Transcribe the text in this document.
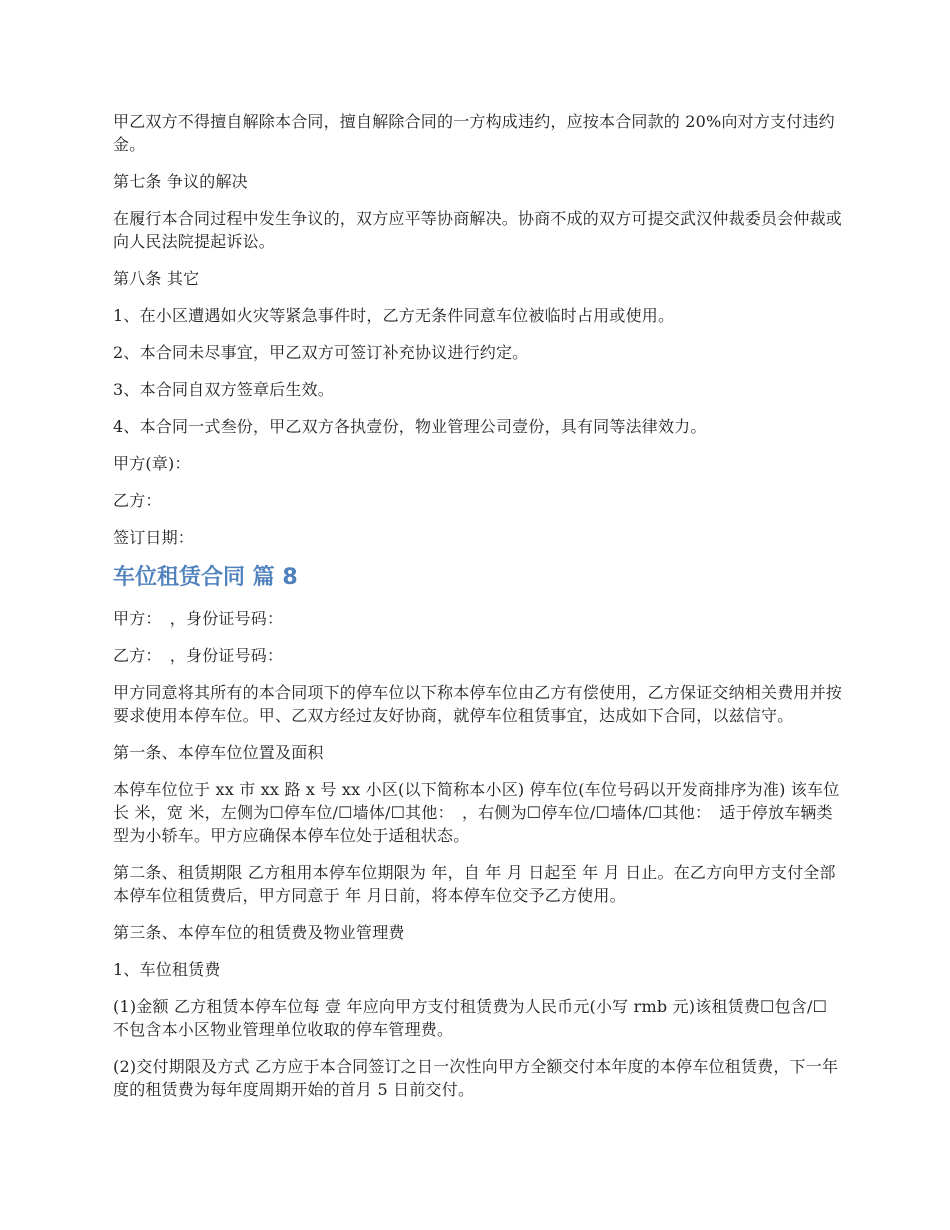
甲乙双方不得擅自解除本合同，擅自解除合同的一方构成违约，应按本合同款的 20%向对方支付违约金。

第七条 争议的解决

在履行本合同过程中发生争议的，双方应平等协商解决。协商不成的双方可提交武汉仲裁委员会仲裁或向人民法院提起诉讼。

第八条 其它

1、在小区遭遇如火灾等紧急事件时，乙方无条件同意车位被临时占用或使用。

2、本合同未尽事宜，甲乙双方可签订补充协议进行约定。

3、本合同自双方签章后生效。

4、本合同一式叁份，甲乙双方各执壹份，物业管理公司壹份，具有同等法律效力。

甲方(章)：

乙方：

签订日期：

车位租赁合同 篇 8

甲方：　，身份证号码：

乙方：　，身份证号码：

甲方同意将其所有的本合同项下的停车位以下称本停车位由乙方有偿使用，乙方保证交纳相关费用并按要求使用本停车位。甲、乙双方经过友好协商，就停车位租赁事宜，达成如下合同，以兹信守。

第一条、本停车位位置及面积

本停车位位于 xx 市 xx 路 x 号 xx 小区(以下简称本小区) 停车位(车位号码以开发商排序为准) 该车位长 米，宽 米，左侧为☐停车位/☐墙体/☐其他：　，右侧为☐停车位/☐墙体/☐其他：　适于停放车辆类型为小轿车。甲方应确保本停车位处于适租状态。

第二条、租赁期限 乙方租用本停车位期限为 年，自 年 月 日起至 年 月 日止。在乙方向甲方支付全部本停车位租赁费后，甲方同意于 年 月日前，将本停车位交予乙方使用。

第三条、本停车位的租赁费及物业管理费

1、车位租赁费

(1)金额 乙方租赁本停车位每 壹 年应向甲方支付租赁费为人民币元(小写 rmb 元)该租赁费☐包含/☐不包含本小区物业管理单位收取的停车管理费。

(2)交付期限及方式 乙方应于本合同签订之日一次性向甲方全额交付本年度的本停车位租赁费，下一年度的租赁费为每年度周期开始的首月 5 日前交付。
